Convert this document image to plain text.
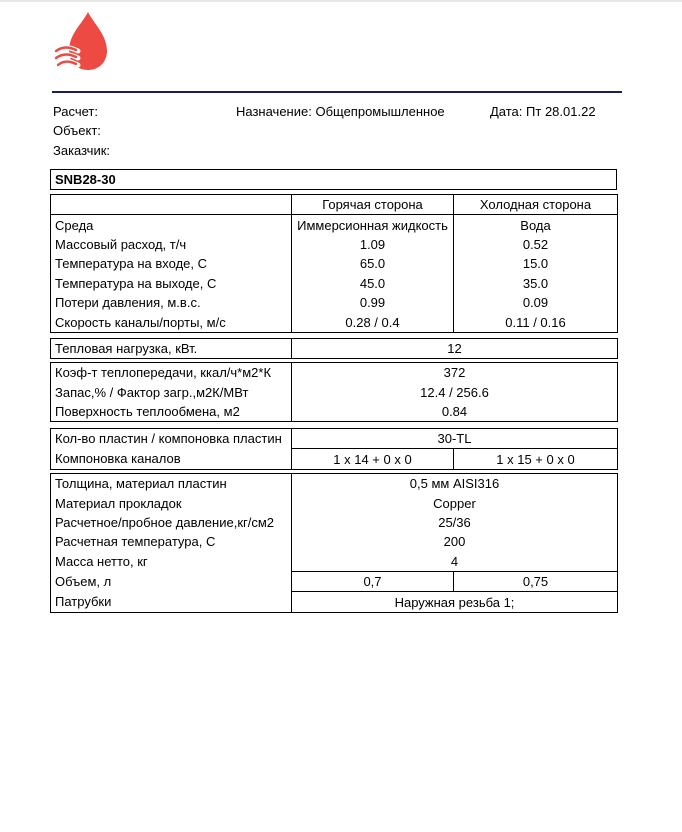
Расчет:	Назначение: Общепромышленное	Дата: Пт 28.01.22
Объект:
Заказчик:
SNB28-30
	Горячая сторона	Холодная сторона
Среда	Иммерсионная жидкость	Вода
Массовый расход, т/ч	1.09	0.52
Температура на входе, С	65.0	15.0
Температура на выходе, С	45.0	35.0
Потери давления, м.в.с.	0.99	0.09
Скорость каналы/порты, м/с	0.28 / 0.4	0.11 / 0.16
Тепловая нагрузка, кВт.	12
Коэф-т теплопередачи, ккал/ч*м2*К	372
Запас,% / Фактор загр.,м2К/МВт	12.4 / 256.6
Поверхность теплообмена, м2	0.84
Кол-во пластин / компоновка пластин	30-TL	
Компоновка каналов	1 x 14 + 0 x 0	1 x 15 + 0 x 0
Толщина, материал пластин	0,5 мм AISI316	
Материал прокладок	Copper	
Расчетное/пробное давление,кг/см2	25/36	
Расчетная температура, С	200	
Масса нетто, кг	4	
Объем, л	0,7	0,75
Патрубки	Наружная резьба 1;	
